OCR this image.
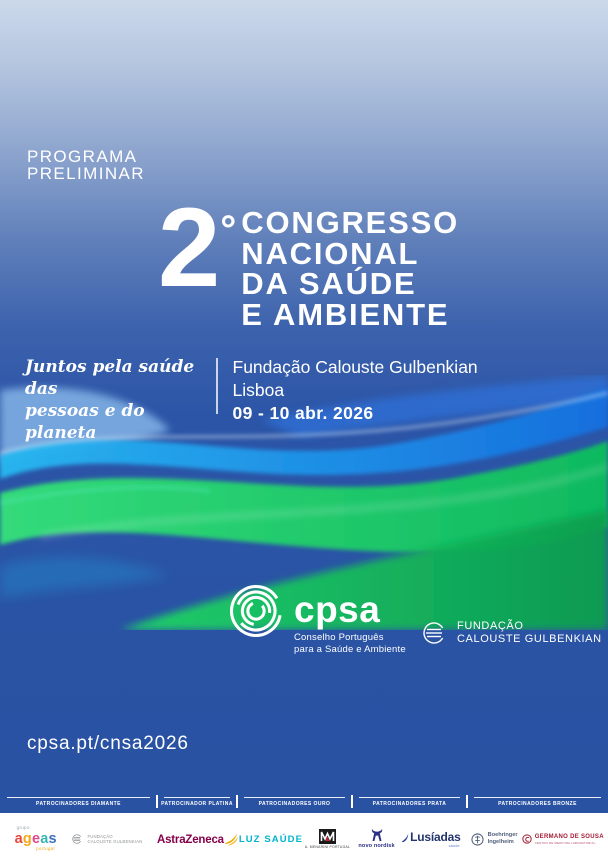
PROGRAMA
PRELIMINAR
2 ° CONGRESSO
NACIONAL
DA SAÚDE
E AMBIENTE
Juntos pela saúde das
pessoas e do planeta
Fundação Calouste Gulbenkian
Lisboa
09 - 10 abr. 2026
cpsa
Conselho Português
para a Saúde e Ambiente
FUNDAÇÃO
CALOUSTE GULBENKIAN
cpsa.pt/cnsa2026
PATROCINADORES DIAMANTE	PATROCINADOR PLATINA	PATROCINADORES OURO	PATROCINADORES PRATA	PATROCINADORES BRONZE
grupo
ageas
portugal
FUNDAÇÃO
CALOUSTE GULBENKIAN AstraZeneca LUZ SAÚDE
A. MENARINI PORTUGAL novo nordisk
Lusíadas
saúde
Boehringer
Ingelheim
GERMANO DE SOUSA
CENTRO DE MEDICINA LABORATORIAL
